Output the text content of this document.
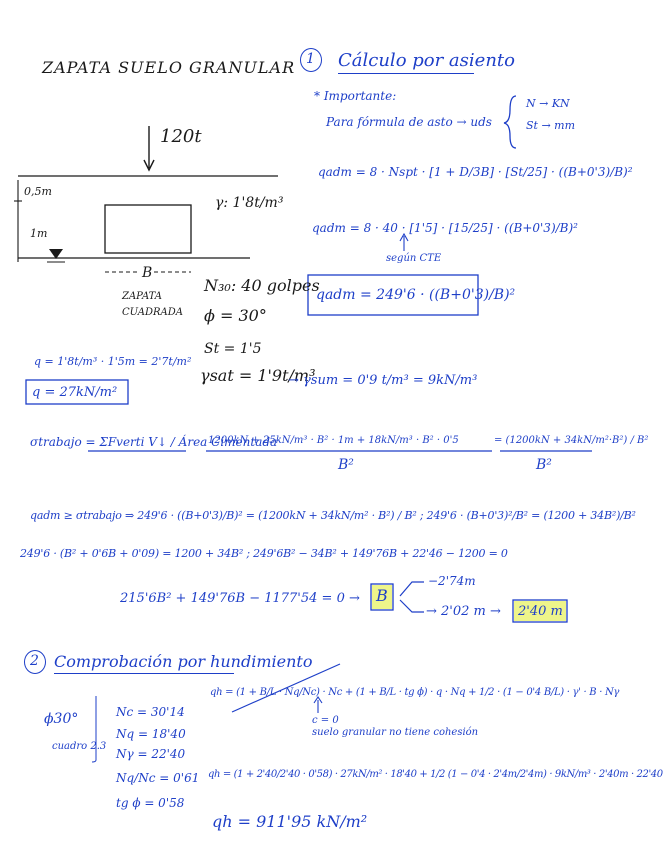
ZAPATA SUELO GRANULAR 1 Cálculo por asiento
* Importante:
Para fórmula de asto → uds
N → KN
St → mm
120t
0,5m
1m
γ: 1'8t/m³
B
ZAPATA
CUADRADA
N₃₀: 40 golpes
ϕ = 30°
St = 1'5
γsat = 1'9t/m³
→ γsum = 0'9 t/m³ = 9kN/m³
qadm = 8 · Nspt · [1 + D/3B] · [St/25] · ((B+0'3)/B)²
qadm = 8 · 40 · [1'5] · [15/25] · ((B+0'3)/B)²
según CTE
qadm = 249'6 · ((B+0'3)/B)²
q = 1'8t/m³ · 1'5m = 2'7t/m²
q = 27kN/m²
σtrabajo = ΣFverti V↓ / Área Cimentada
1200kN + 25kN/m³ · B² · 1m + 18kN/m³ · B² · 0'5
B²
= (1200kN + 34kN/m²·B²) / B²
B²
qadm ≥ σtrabajo ⇒ 249'6 · ((B+0'3)/B)² = (1200kN + 34kN/m² · B²) / B² ; 249'6 · (B+0'3)²/B² = (1200 + 34B²)/B²
249'6 · (B² + 0'6B + 0'09) = 1200 + 34B² ; 249'6B² − 34B² + 149'76B + 22'46 − 1200 = 0
215'6B² + 149'76B − 1177'54 = 0 → B
−2'74m
→ 2'02 m → 2'40 m
2 Comprobación por hundimiento
ϕ30°
cuadro 2.3
Nc = 30'14
Nq = 18'40
Nγ = 22'40
Nq/Nc = 0'61
tg ϕ = 0'58
qh = (1 + B/L · Nq/Nc) · Nc + (1 + B/L · tg ϕ) · q · Nq + 1/2 · (1 − 0'4 B/L) · γ' · B · Nγ
c = 0
suelo granular no tiene cohesión
qh = (1 + 2'40/2'40 · 0'58) · 27kN/m² · 18'40 + 1/2 (1 − 0'4 · 2'4m/2'4m) · 9kN/m³ · 2'40m · 22'40
qh = 911'95 kN/m²
